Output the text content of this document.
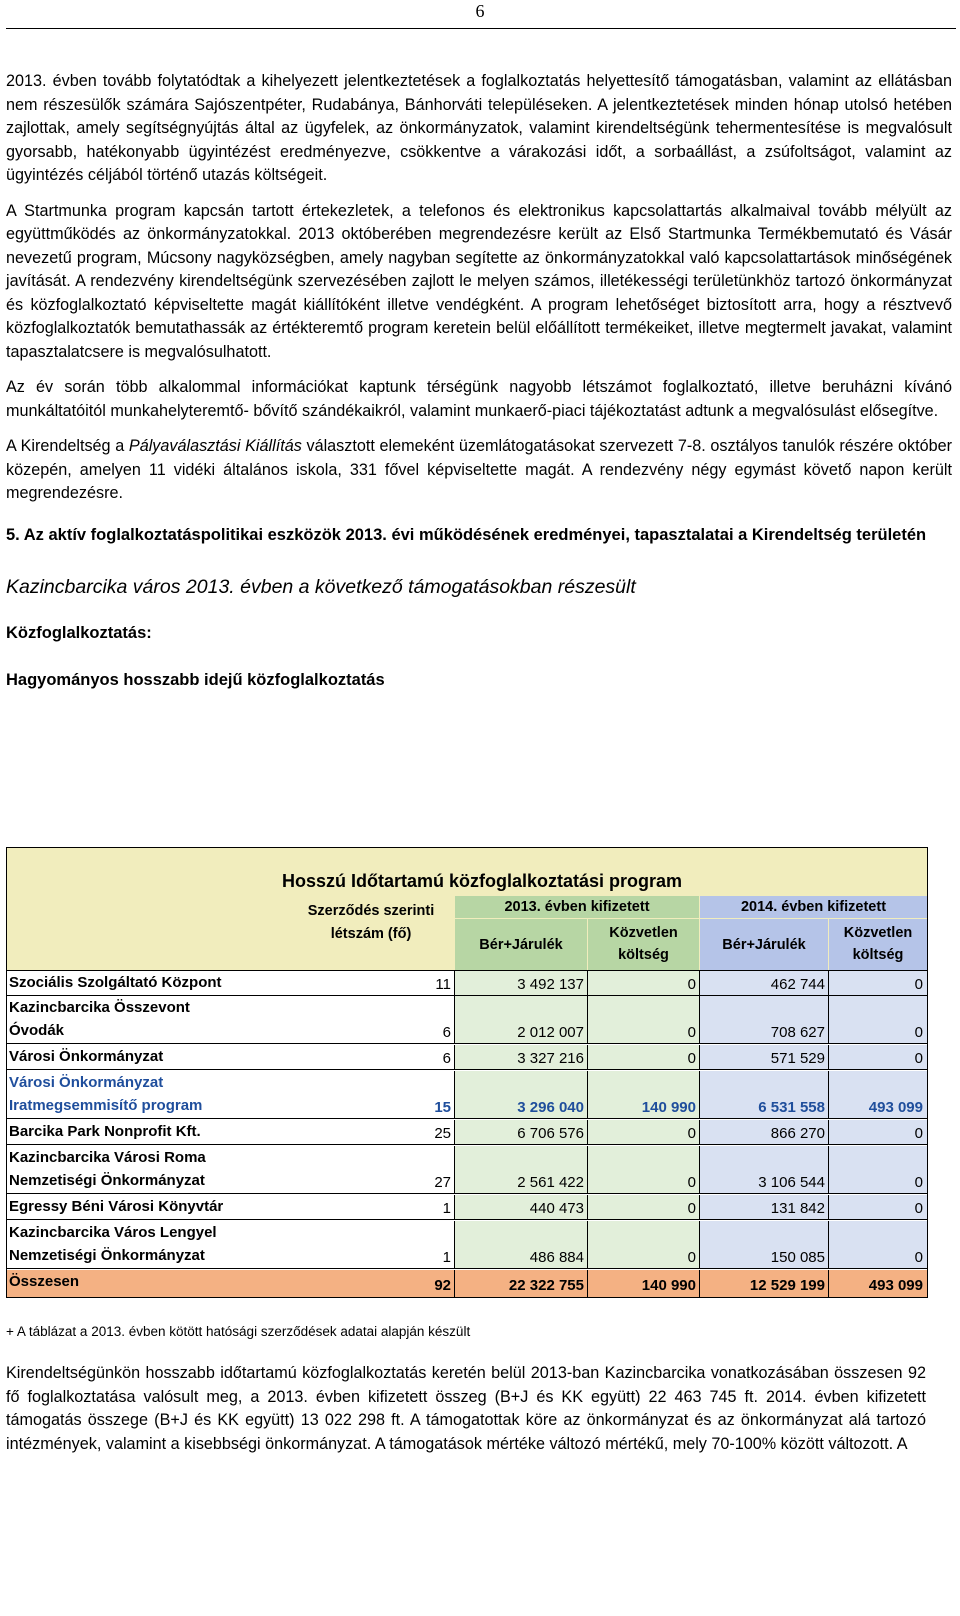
6

2013. évben tovább folytatódtak a kihelyezett jelentkeztetések a foglalkoztatás helyettesítő támogatásban, valamint az ellátásban nem részesülők számára Sajószentpéter, Rudabánya, Bánhorváti településeken. A jelentkeztetések minden hónap utolsó hetében zajlottak, amely segítségnyújtás által az ügyfelek, az önkormányzatok, valamint kirendeltségünk tehermentesítése is megvalósult gyorsabb, hatékonyabb ügyintézést eredményezve, csökkentve a várakozási időt, a sorbaállást, a zsúfoltságot, valamint az ügyintézés céljából történő utazás költségeit.

A Startmunka program kapcsán tartott értekezletek, a telefonos és elektronikus kapcsolattartás alkalmaival tovább mélyült az együttműködés az önkormányzatokkal. 2013 októberében megrendezésre került az Első Startmunka Termékbemutató és Vásár nevezetű program, Múcsony nagyközségben, amely nagyban segítette az önkormányzatokkal való kapcsolattartások minőségének javítását. A rendezvény kirendeltségünk szervezésében zajlott le melyen számos, illetékességi területünkhöz tartozó önkormányzat és közfoglalkoztató képviseltette magát kiállítóként illetve vendégként. A program lehetőséget biztosított arra, hogy a résztvevő közfoglalkoztatók bemutathassák az értékteremtő program keretein belül előállított termékeiket, illetve megtermelt javakat, valamint tapasztalatcsere is megvalósulhatott.

Az év során több alkalommal információkat kaptunk térségünk nagyobb létszámot foglalkoztató, illetve beruházni kívánó munkáltatóitól munkahelyteremtő- bővítő szándékaikról, valamint munkaerő-piaci tájékoztatást adtunk a megvalósulást elősegítve.

A Kirendeltség a Pályaválasztási Kiállítás választott elemeként üzemlátogatásokat szervezett 7-8. osztályos tanulók részére október közepén, amelyen 11 vidéki általános iskola, 331 fővel képviseltette magát. A rendezvény négy egymást követő napon került megrendezésre.

5. Az aktív foglalkoztatáspolitikai eszközök 2013. évi működésének eredményei, tapasztalatai a Kirendeltség területén

Kazincbarcika város 2013. évben a következő támogatásokban részesült

Közfoglalkoztatás:

Hagyományos hosszabb idejű közfoglalkoztatás

Hosszú Időtartamú közfoglalkoztatási program
Szerződés szerinti létszám (fő)
2013. évben kifizetett	2014. évben kifizetett
Bér+Járulék
Közvetlen költség
Bér+Járulék
Közvetlen költség
Szociális Szolgáltató Központ	11	3 492 137	0	462 744	0
Kazincbarcika Összevont Óvodák	6	2 012 007	0	708 627	0
Városi Önkormányzat	6	3 327 216	0	571 529	0
Városi Önkormányzat Iratmegsemmisítő program	15	3 296 040	140 990	6 531 558	493 099
Barcika Park Nonprofit Kft.	25	6 706 576	0	866 270	0
Kazincbarcika Városi Roma Nemzetiségi Önkormányzat	27	2 561 422	0	3 106 544	0
Egressy Béni Városi Könyvtár	1	440 473	0	131 842	0
Kazincbarcika Város Lengyel Nemzetiségi Önkormányzat	1	486 884	0	150 085	0
Összesen	92	22 322 755	140 990	12 529 199	493 099
+ A táblázat a 2013. évben kötött hatósági szerződések adatai alapján készült

Kirendeltségünkön hosszabb időtartamú közfoglalkoztatás keretén belül 2013-ban Kazincbarcika vonatkozásában összesen 92 fő foglalkoztatása valósult meg, a 2013. évben kifizetett összeg (B+J és KK együtt) 22 463 745 ft. 2014. évben kifizetett támogatás összege (B+J és KK együtt) 13 022 298 ft. A támogatottak köre az önkormányzat és az önkormányzat alá tartozó intézmények, valamint a kisebbségi önkormányzat. A támogatások mértéke változó mértékű, mely 70-100% között változott. A
